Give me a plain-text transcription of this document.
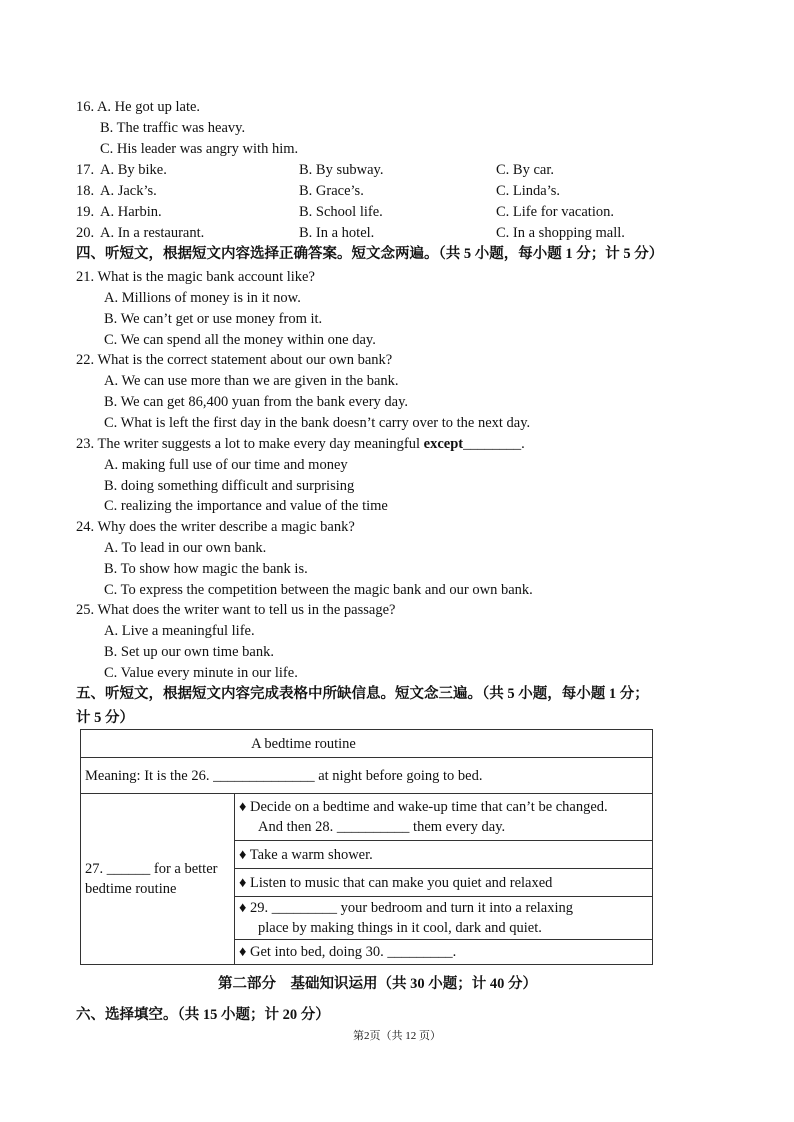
16. A. He got up late.
B. The traffic was heavy.
C. His leader was angry with him.
17. A. By bike.	B. By subway.	C. By car.
18. A. Jack’s.	B. Grace’s.	C. Linda’s.
19. A. Harbin.	B. School life.	C. Life for vacation.
20. A. In a restaurant.	B. In a hotel.	C. In a shopping mall.
四、听短文，根据短文内容选择正确答案。短文念两遍。（共 5 小题，每小题 1 分；计 5 分）
21. What is the magic bank account like?
A. Millions of money is in it now.
B. We can’t get or use money from it.
C. We can spend all the money within one day.
22. What is the correct statement about our own bank?
A. We can use more than we are given in the bank.
B. We can get 86,400 yuan from the bank every day.
C. What is left the first day in the bank doesn’t carry over to the next day.
23. The writer suggests a lot to make every day meaningful except________.
A. making full use of our time and money
B. doing something difficult and surprising
C. realizing the importance and value of the time
24. Why does the writer describe a magic bank?
A. To lead in our own bank.
B. To show how magic the bank is.
C. To express the competition between the magic bank and our own bank.
25. What does the writer want to tell us in the passage?
A. Live a meaningful life.
B. Set up our own time bank.
C. Value every minute in our life.
五、听短文，根据短文内容完成表格中所缺信息。短文念三遍。（共 5 小题，每小题 1 分；
计 5 分）
A bedtime routine
Meaning: It is the 26. ______________ at night before going to bed.

27. ______ for a better
bedtime routine

♦ Decide on a bedtime and wake-up time that can’t be changed.
And then 28. __________ them every day.

♦ Take a warm shower.

♦ Listen to music that can make you quiet and relaxed

♦ 29. _________ your bedroom and turn it into a relaxing
place by making things in it cool, dark and quiet.

♦ Get into bed, doing 30. _________.
第二部分　基础知识运用（共 30 小题；计 40 分）
六、选择填空。（共 15 小题；计 20 分）
第2页（共 12 页）
